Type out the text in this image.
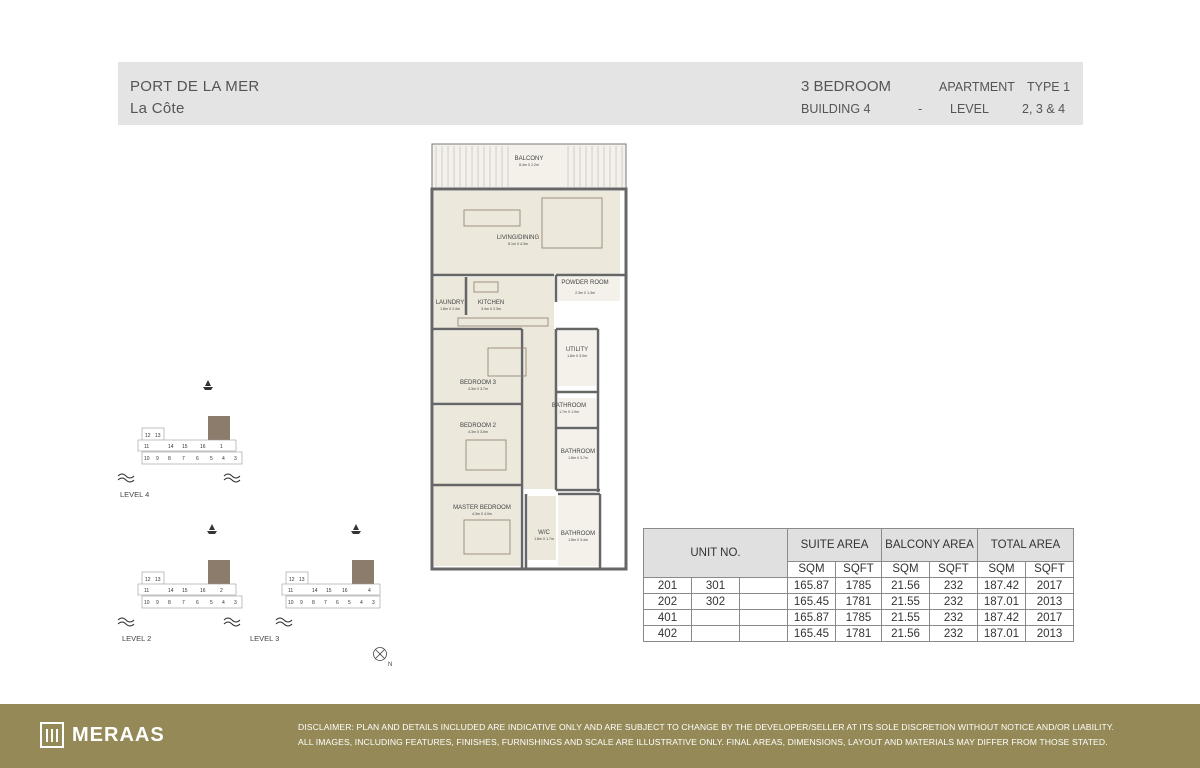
PORT DE LA MER
La Côte
3 BEDROOM	APARTMENT TYPE 1
BUILDING 4	- LEVEL	2, 3 & 4
BALCONY
8.4m X 2.2m
LIVING/DINING
8.1m X 4.3m
POWDER ROOM
2.3m X 1.3m
LAUNDRY
1.8m X 2.4m
KITCHEN
3.4m X 2.3m
UTILITY
1.8m X 3.0m
BEDROOM 3
4.3m X 3.7m
BATHROOM
1.7m X 1.9m
BEDROOM 2
4.3m X 3.6m
BATHROOM
1.8m X 3.7m
MASTER BEDROOM
4.3m X 4.0m
W/C
1.8m X 1.7m
BATHROOM
1.8m X 3.4m
12 13
11	14 15 16	1
10 9 8 7 6 5 4 3
LEVEL 4
12 13
11	14 15 16	2
10 9 8 7 6 5 4 3
LEVEL 2
12 13
11	14 15 16	4
10 9 8 7 6 5 4 3
LEVEL 3
N
UNIT NO.			SUITE AREA		BALCONY AREA		TOTAL AREA	
			SQM	SQFT	SQM	SQFT	SQM	SQFT
201	301		165.87	1785	21.56	232	187.42	2017
202	302		165.45	1781	21.55	232	187.01	2013
401			165.87	1785	21.55	232	187.42	2017
402			165.45	1781	21.56	232	187.01	2013
MERAAS	DISCLAIMER: PLAN AND DETAILS INCLUDED ARE INDICATIVE ONLY AND ARE SUBJECT TO CHANGE BY THE DEVELOPER/SELLER AT ITS SOLE DISCRETION WITHOUT NOTICE AND/OR LIABILITY.
ALL IMAGES, INCLUDING FEATURES, FINISHES, FURNISHINGS AND SCALE ARE ILLUSTRATIVE ONLY. FINAL AREAS, DIMENSIONS, LAYOUT AND MATERIALS MAY DIFFER FROM THOSE STATED.
